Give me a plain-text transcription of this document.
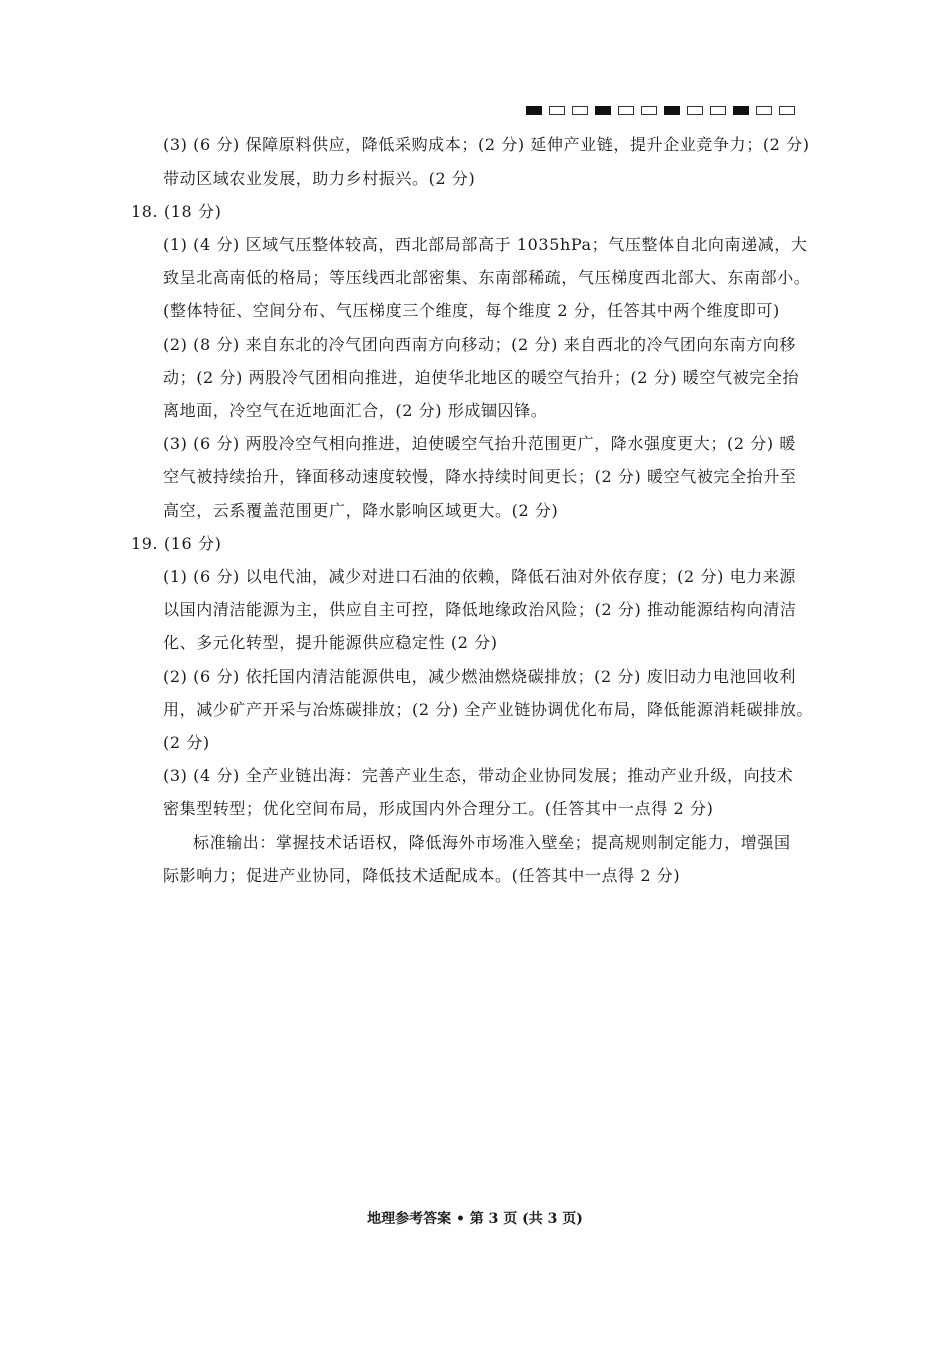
(3) (6 分) 保障原料供应，降低采购成本；(2 分) 延伸产业链，提升企业竞争力；(2 分)
带动区域农业发展，助力乡村振兴。(2 分)
18. (18 分)
(1) (4 分) 区域气压整体较高，西北部局部高于 1035hPa；气压整体自北向南递减，大
致呈北高南低的格局；等压线西北部密集、东南部稀疏，气压梯度西北部大、东南部小。
(整体特征、空间分布、气压梯度三个维度，每个维度 2 分，任答其中两个维度即可)
(2) (8 分) 来自东北的冷气团向西南方向移动；(2 分) 来自西北的冷气团向东南方向移
动；(2 分) 两股冷气团相向推进，迫使华北地区的暖空气抬升；(2 分) 暖空气被完全抬
离地面，冷空气在近地面汇合，(2 分) 形成锢囚锋。
(3) (6 分) 两股冷空气相向推进，迫使暖空气抬升范围更广，降水强度更大；(2 分) 暖
空气被持续抬升，锋面移动速度较慢，降水持续时间更长；(2 分) 暖空气被完全抬升至
高空，云系覆盖范围更广，降水影响区域更大。(2 分)
19. (16 分)
(1) (6 分) 以电代油，减少对进口石油的依赖，降低石油对外依存度；(2 分) 电力来源
以国内清洁能源为主，供应自主可控，降低地缘政治风险；(2 分) 推动能源结构向清洁
化、多元化转型，提升能源供应稳定性 (2 分)
(2) (6 分) 依托国内清洁能源供电，减少燃油燃烧碳排放；(2 分) 废旧动力电池回收利
用，减少矿产开采与冶炼碳排放；(2 分) 全产业链协调优化布局，降低能源消耗碳排放。
(2 分)
(3) (4 分) 全产业链出海：完善产业生态，带动企业协同发展；推动产业升级，向技术
密集型转型；优化空间布局，形成国内外合理分工。(任答其中一点得 2 分)
标准输出：掌握技术话语权，降低海外市场准入壁垒；提高规则制定能力，增强国
际影响力；促进产业协同，降低技术适配成本。(任答其中一点得 2 分)
地理参考答案 • 第 3 页 (共 3 页)
